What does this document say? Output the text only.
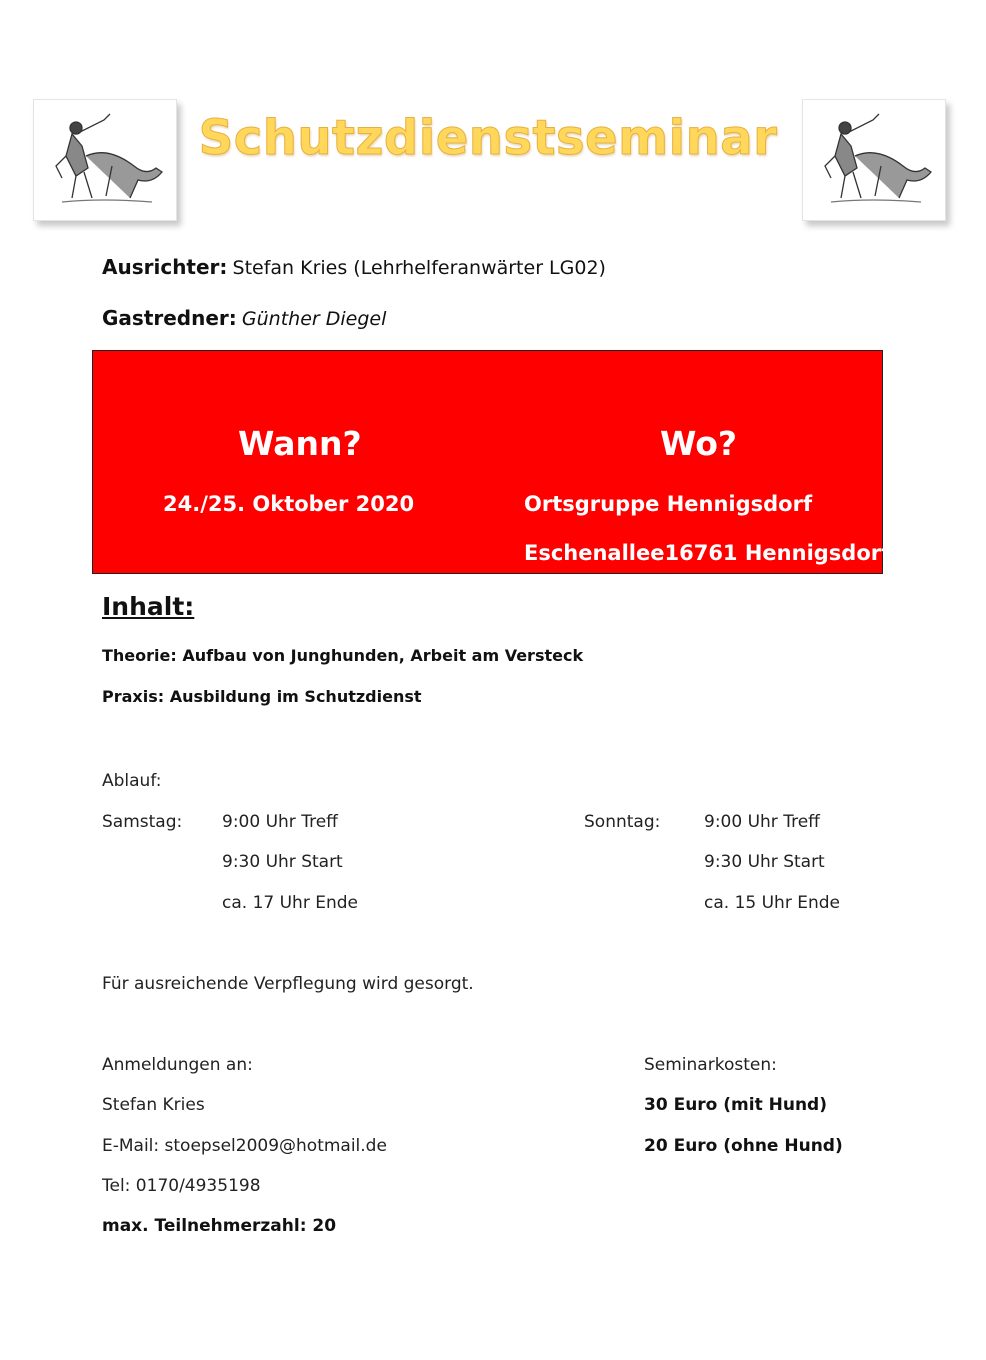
Schutzdienstseminar
Ausrichter: Stefan Kries (Lehrhelferanwärter LG02)
Gastredner: Günther Diegel
Wann?
24./25. Oktober 2020
Wo?
Ortsgruppe Hennigsdorf
Eschenallee16761 Hennigsdorf
Inhalt:
Theorie: Aufbau von Junghunden, Arbeit am Versteck
Praxis: Ausbildung im Schutzdienst
Ablauf:
Samstag: 9:00 Uhr Treff
9:30 Uhr Start
ca. 17 Uhr Ende
Sonntag:	9:00 Uhr Treff
9:30 Uhr Start
ca. 15 Uhr Ende
Für ausreichende Verpflegung wird gesorgt.
Anmeldungen an:
Stefan Kries
E-Mail: stoepsel2009@hotmail.de
Tel: 0170/4935198
max. Teilnehmerzahl: 20
Seminarkosten:
30 Euro (mit Hund)
20 Euro (ohne Hund)
